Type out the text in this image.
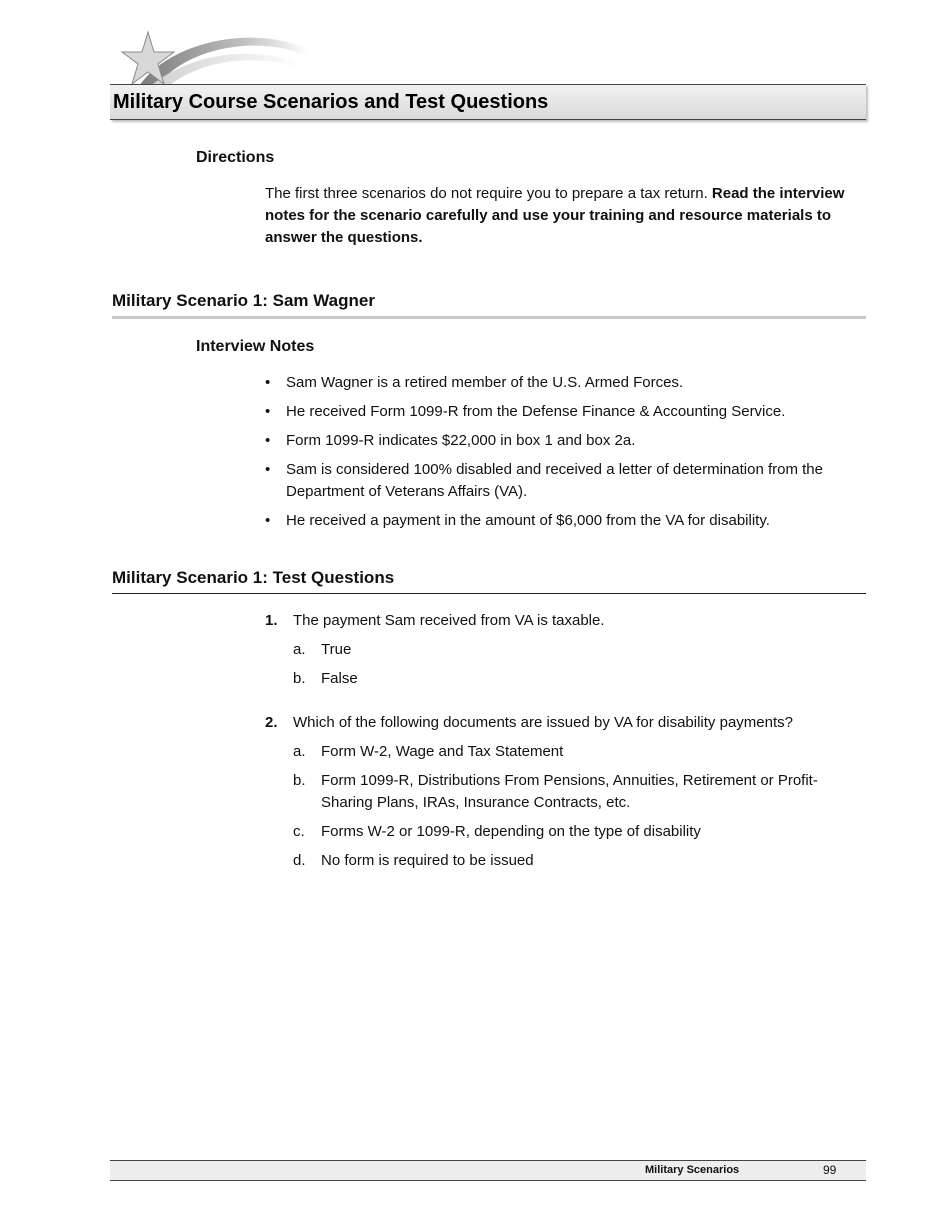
Military Course Scenarios and Test Questions
Directions

The first three scenarios do not require you to prepare a tax return. Read the interview notes for the scenario carefully and use your training and resource materials to answer the questions.

Military Scenario 1: Sam Wagner
Interview Notes
• Sam Wagner is a retired member of the U.S. Armed Forces.
• He received Form 1099-R from the Defense Finance & Accounting Service.
• Form 1099-R indicates $22,000 in box 1 and box 2a.
• Sam is considered 100% disabled and received a letter of determination from the Department of Veterans Affairs (VA).
• He received a payment in the amount of $6,000 from the VA for disability.
Military Scenario 1: Test Questions
1. The payment Sam received from VA is taxable.
a. True
b. False
2. Which of the following documents are issued by VA for disability payments?
a. Form W-2, Wage and Tax Statement
b. Form 1099-R, Distributions From Pensions, Annuities, Retirement or Profit-Sharing Plans, IRAs, Insurance Contracts, etc.
c. Forms W-2 or 1099-R, depending on the type of disability
d. No form is required to be issued
Military Scenarios	99
